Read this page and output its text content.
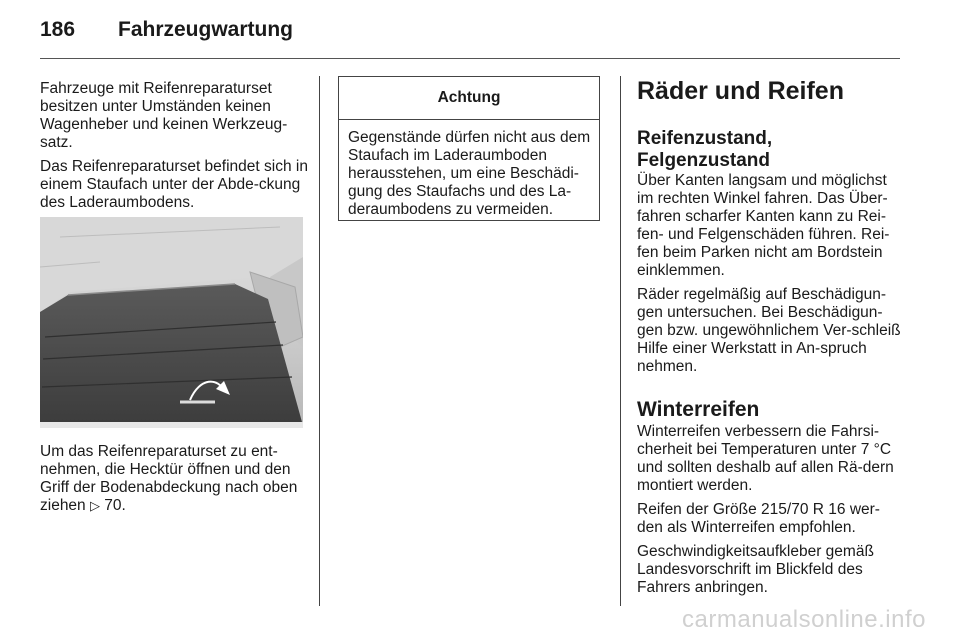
186 Fahrzeugwartung

Fahrzeuge mit Reifenreparaturset besitzen unter Umständen keinen Wagenheber und keinen Werkzeug-satz.

Das Reifenreparaturset befindet sich in einem Staufach unter der Abde-ckung des Laderaumbodens.

Um das Reifenreparaturset zu ent-nehmen, die Hecktür öffnen und den Griff der Bodenabdeckung nach oben ziehen ▷ 70.

Achtung

Gegenstände dürfen nicht aus dem Staufach im Laderaumboden herausstehen, um eine Beschädi-gung des Staufachs und des La-deraumbodens zu vermeiden.

Räder und Reifen
Reifenzustand, Felgenzustand

Über Kanten langsam und möglichst im rechten Winkel fahren. Das Über-fahren scharfer Kanten kann zu Rei-fen- und Felgenschäden führen. Rei-fen beim Parken nicht am Bordstein einklemmen.

Räder regelmäßig auf Beschädigun-gen untersuchen. Bei Beschädigun-gen bzw. ungewöhnlichem Ver-schleiß Hilfe einer Werkstatt in An-spruch nehmen.

Winterreifen

Winterreifen verbessern die Fahrsi-cherheit bei Temperaturen unter 7 °C und sollten deshalb auf allen Rä-dern montiert werden.

Reifen der Größe 215/70 R 16 wer-den als Winterreifen empfohlen.

Geschwindigkeitsaufkleber gemäß Landesvorschrift im Blickfeld des Fahrers anbringen.

carmanualsonline.info
